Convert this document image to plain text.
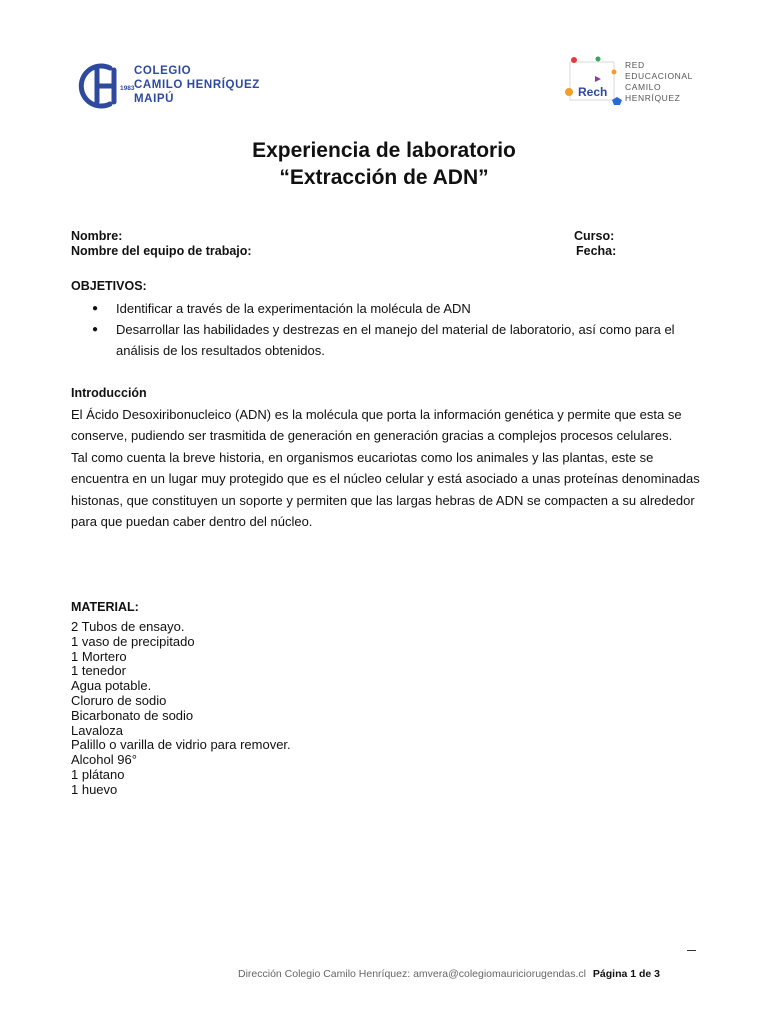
1983
COLEGIO
CAMILO HENRÍQUEZ
MAIPÚ	Rech
RED
EDUCACIONAL
CAMILO
HENRÍQUEZ
Experiencia de laboratorio
“Extracción de ADN”
Nombre:	Curso:
Nombre del equipo de trabajo:	Fecha:
OBJETIVOS:
● Identificar a través de la experimentación la molécula de ADN
● Desarrollar las habilidades y destrezas en el manejo del material de laboratorio, así como para el análisis de los resultados obtenidos.
Introducción

El Ácido Desoxiribonucleico (ADN) es la molécula que porta la información genética y permite que esta se conserve, pudiendo ser trasmitida de generación en generación gracias a complejos procesos celulares.

Tal como cuenta la breve historia, en organismos eucariotas como los animales y las plantas, este se encuentra en un lugar muy protegido que es el núcleo celular y está asociado a unas proteínas denominadas histonas, que constituyen un soporte y permiten que las largas hebras de ADN se compacten a su alrededor para que puedan caber dentro del núcleo.

MATERIAL:
2 Tubos de ensayo.
1 vaso de precipitado
1 Mortero
1 tenedor
Agua potable.
Cloruro de sodio
Bicarbonato de sodio
Lavaloza
Palillo o varilla de vidrio para remover.
Alcohol 96°
1 plátano
1 huevo
Dirección Colegio Camilo Henríquez: amvera@colegiomauriciorugendas.cl Página 1 de 3
